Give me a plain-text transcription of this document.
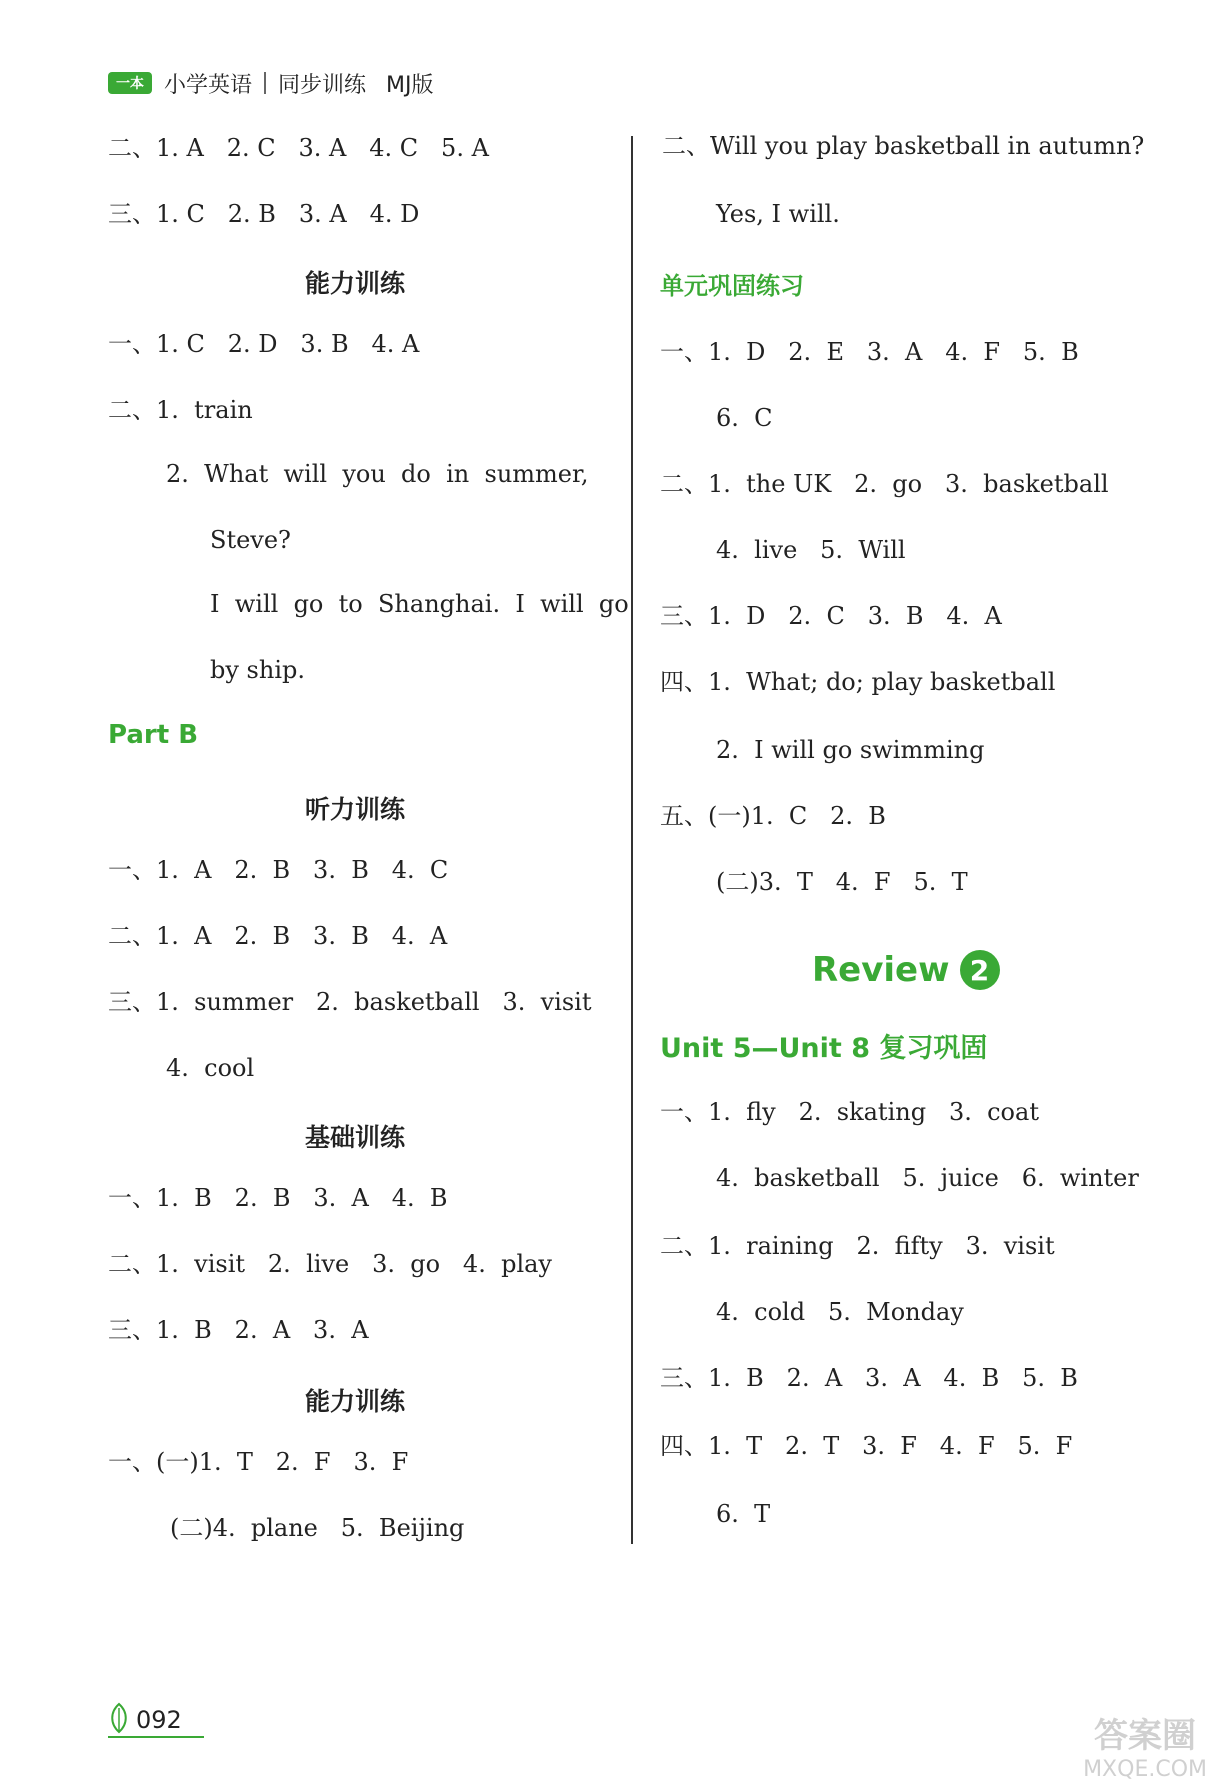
一本 小学英语 同步训练 MJ版
二、1. A   2. C   3. A   4. C   5. A
三、1. C   2. B   3. A   4. D
能力训练
一、1. C   2. D   3. B   4. A
二、1.  train
2.  What  will  you  do  in  summer,
Steve?
I  will  go  to  Shanghai.  I  will  go
by ship.
Part B
听力训练
一、1.  A   2.  B   3.  B   4.  C
二、1.  A   2.  B   3.  B   4.  A
三、1.  summer   2.  basketball   3.  visit
4.  cool
基础训练
一、1.  B   2.  B   3.  A   4.  B
二、1.  visit   2.  live   3.  go   4.  play
三、1.  B   2.  A   3.  A
能力训练
一、(一)1.  T   2.  F   3.  F
(二)4.  plane   5.  Beijing
二、Will you play basketball in autumn?
Yes, I will.
单元巩固练习
一、1.  D   2.  E   3.  A   4.  F   5.  B
6.  C
二、1.  the UK   2.  go   3.  basketball
4.  live   5.  Will
三、1.  D   2.  C   3.  B   4.  A
四、1.  What; do; play basketball
2.  I will go swimming
五、(一)1.  C   2.  B
(二)3.  T   4.  F   5.  T
Review 2
Unit 5—Unit 8 复习巩固
一、1.  fly   2.  skating   3.  coat
4.  basketball   5.  juice   6.  winter
二、1.  raining   2.  fifty   3.  visit
4.  cold   5.  Monday
三、1.  B   2.  A   3.  A   4.  B   5.  B
四、1.  T   2.  T   3.  F   4.  F   5.  F
6.  T
092	答案圈
MXQE.COM
